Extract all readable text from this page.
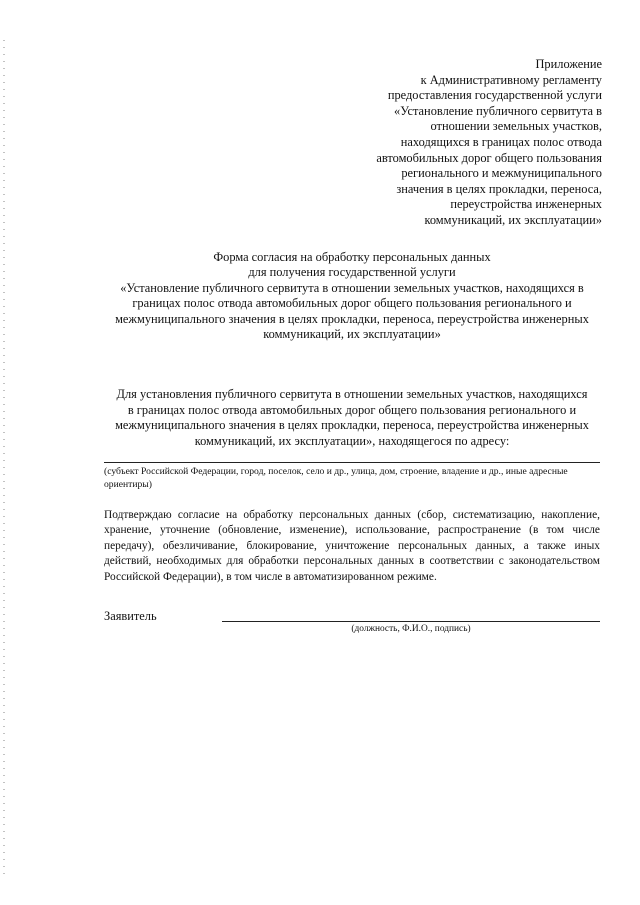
Приложение
к Административному регламенту
предоставления государственной услуги
«Установление публичного сервитута в
отношении земельных участков,
находящихся в границах полос отвода
автомобильных дорог общего пользования
регионального и межмуниципального
значения в целях прокладки, переноса,
переустройства инженерных
коммуникаций, их эксплуатации»
Форма согласия на обработку персональных данных
для получения государственной услуги
«Установление публичного сервитута в отношении земельных участков, находящихся в
границах полос отвода автомобильных дорог общего пользования регионального и
межмуниципального значения в целях прокладки, переноса, переустройства инженерных
коммуникаций, их эксплуатации»
Для установления публичного сервитута в отношении земельных участков, находящихся
в границах полос отвода автомобильных дорог общего пользования регионального и
межмуниципального значения в целях прокладки, переноса, переустройства инженерных
коммуникаций, их эксплуатации», находящегося по адресу:
(субъект Российской Федерации, город, поселок, село и др., улица, дом, строение, владение и др., иные адресные ориентиры)
Подтверждаю согласие на обработку персональных данных (сбор, систематизацию, накопление, хранение, уточнение (обновление, изменение), использование, распространение (в том числе передачу), обезличивание, блокирование, уничтожение персональных данных, а также иных действий, необходимых для обработки персональных данных в соответствии с законодательством Российской Федерации), в том числе в автоматизированном режиме.
Заявитель
(должность, Ф.И.О., подпись)
